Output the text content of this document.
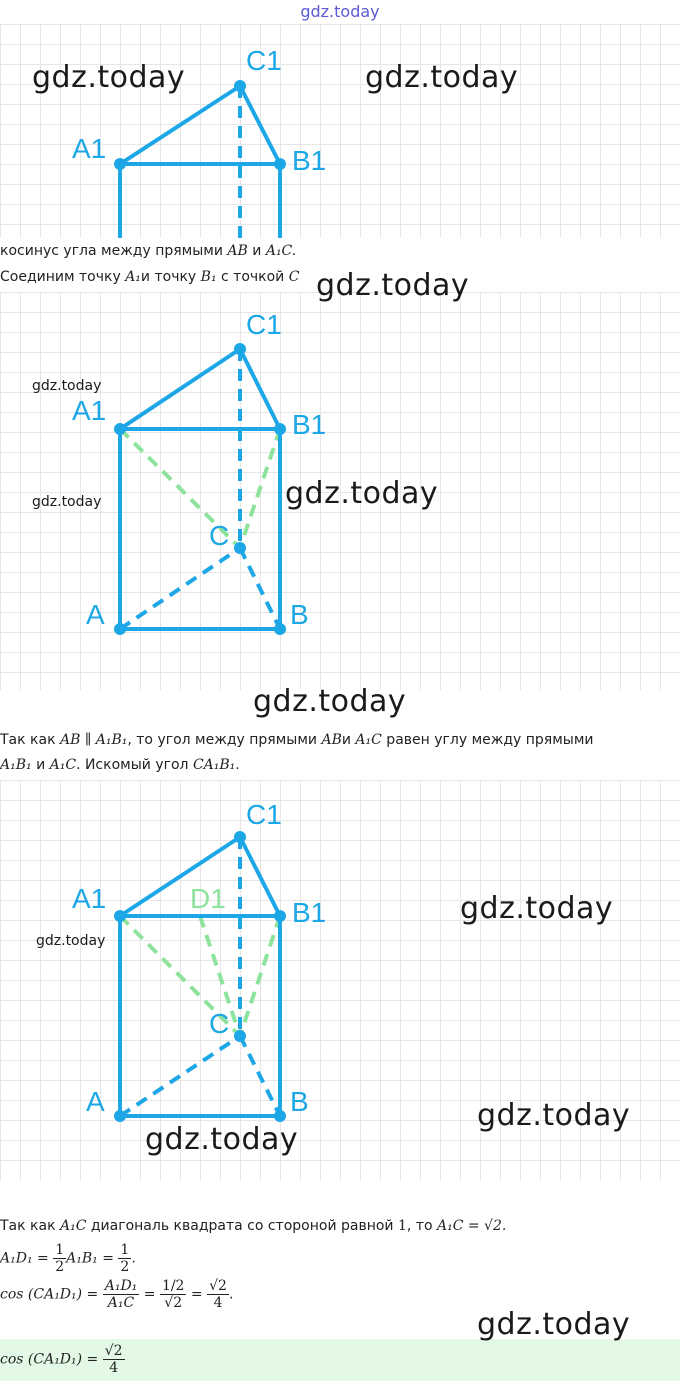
gdz.today
C1
A1	B1
gdz.today	gdz.today
косинус угла между прямыми AB и A₁C.
Соединим точку A₁и точку B₁ с точкой C gdz.today
C1
A1	B1
C
A	B
gdz.today
gdz.today	gdz.today
gdz.today
Так как AB ∥ A₁B₁, то угол между прямыми ABи A₁C равен углу между прямыми
A₁B₁ и A₁C. Искомый угол CA₁B₁.
C1
A1	D1 B1
C
A	B
gdz.today
gdz.today
gdz.today
gdz.today
Так как A₁C диагональ квадрата со стороной равной 1, то A₁C = √2.
$A_1D_1 = \frac{1}{2} A_1B_1 = \frac{1}{2}$ .
$\cos (CA_1D_1) = \frac{\text{A₁D₁}}{\text{A₁C}} = \frac{1/2}{√2} = \frac{√2}{4}$ .
gdz.today
$\cos (CA_1D_1) = \frac{√2}{4}$
